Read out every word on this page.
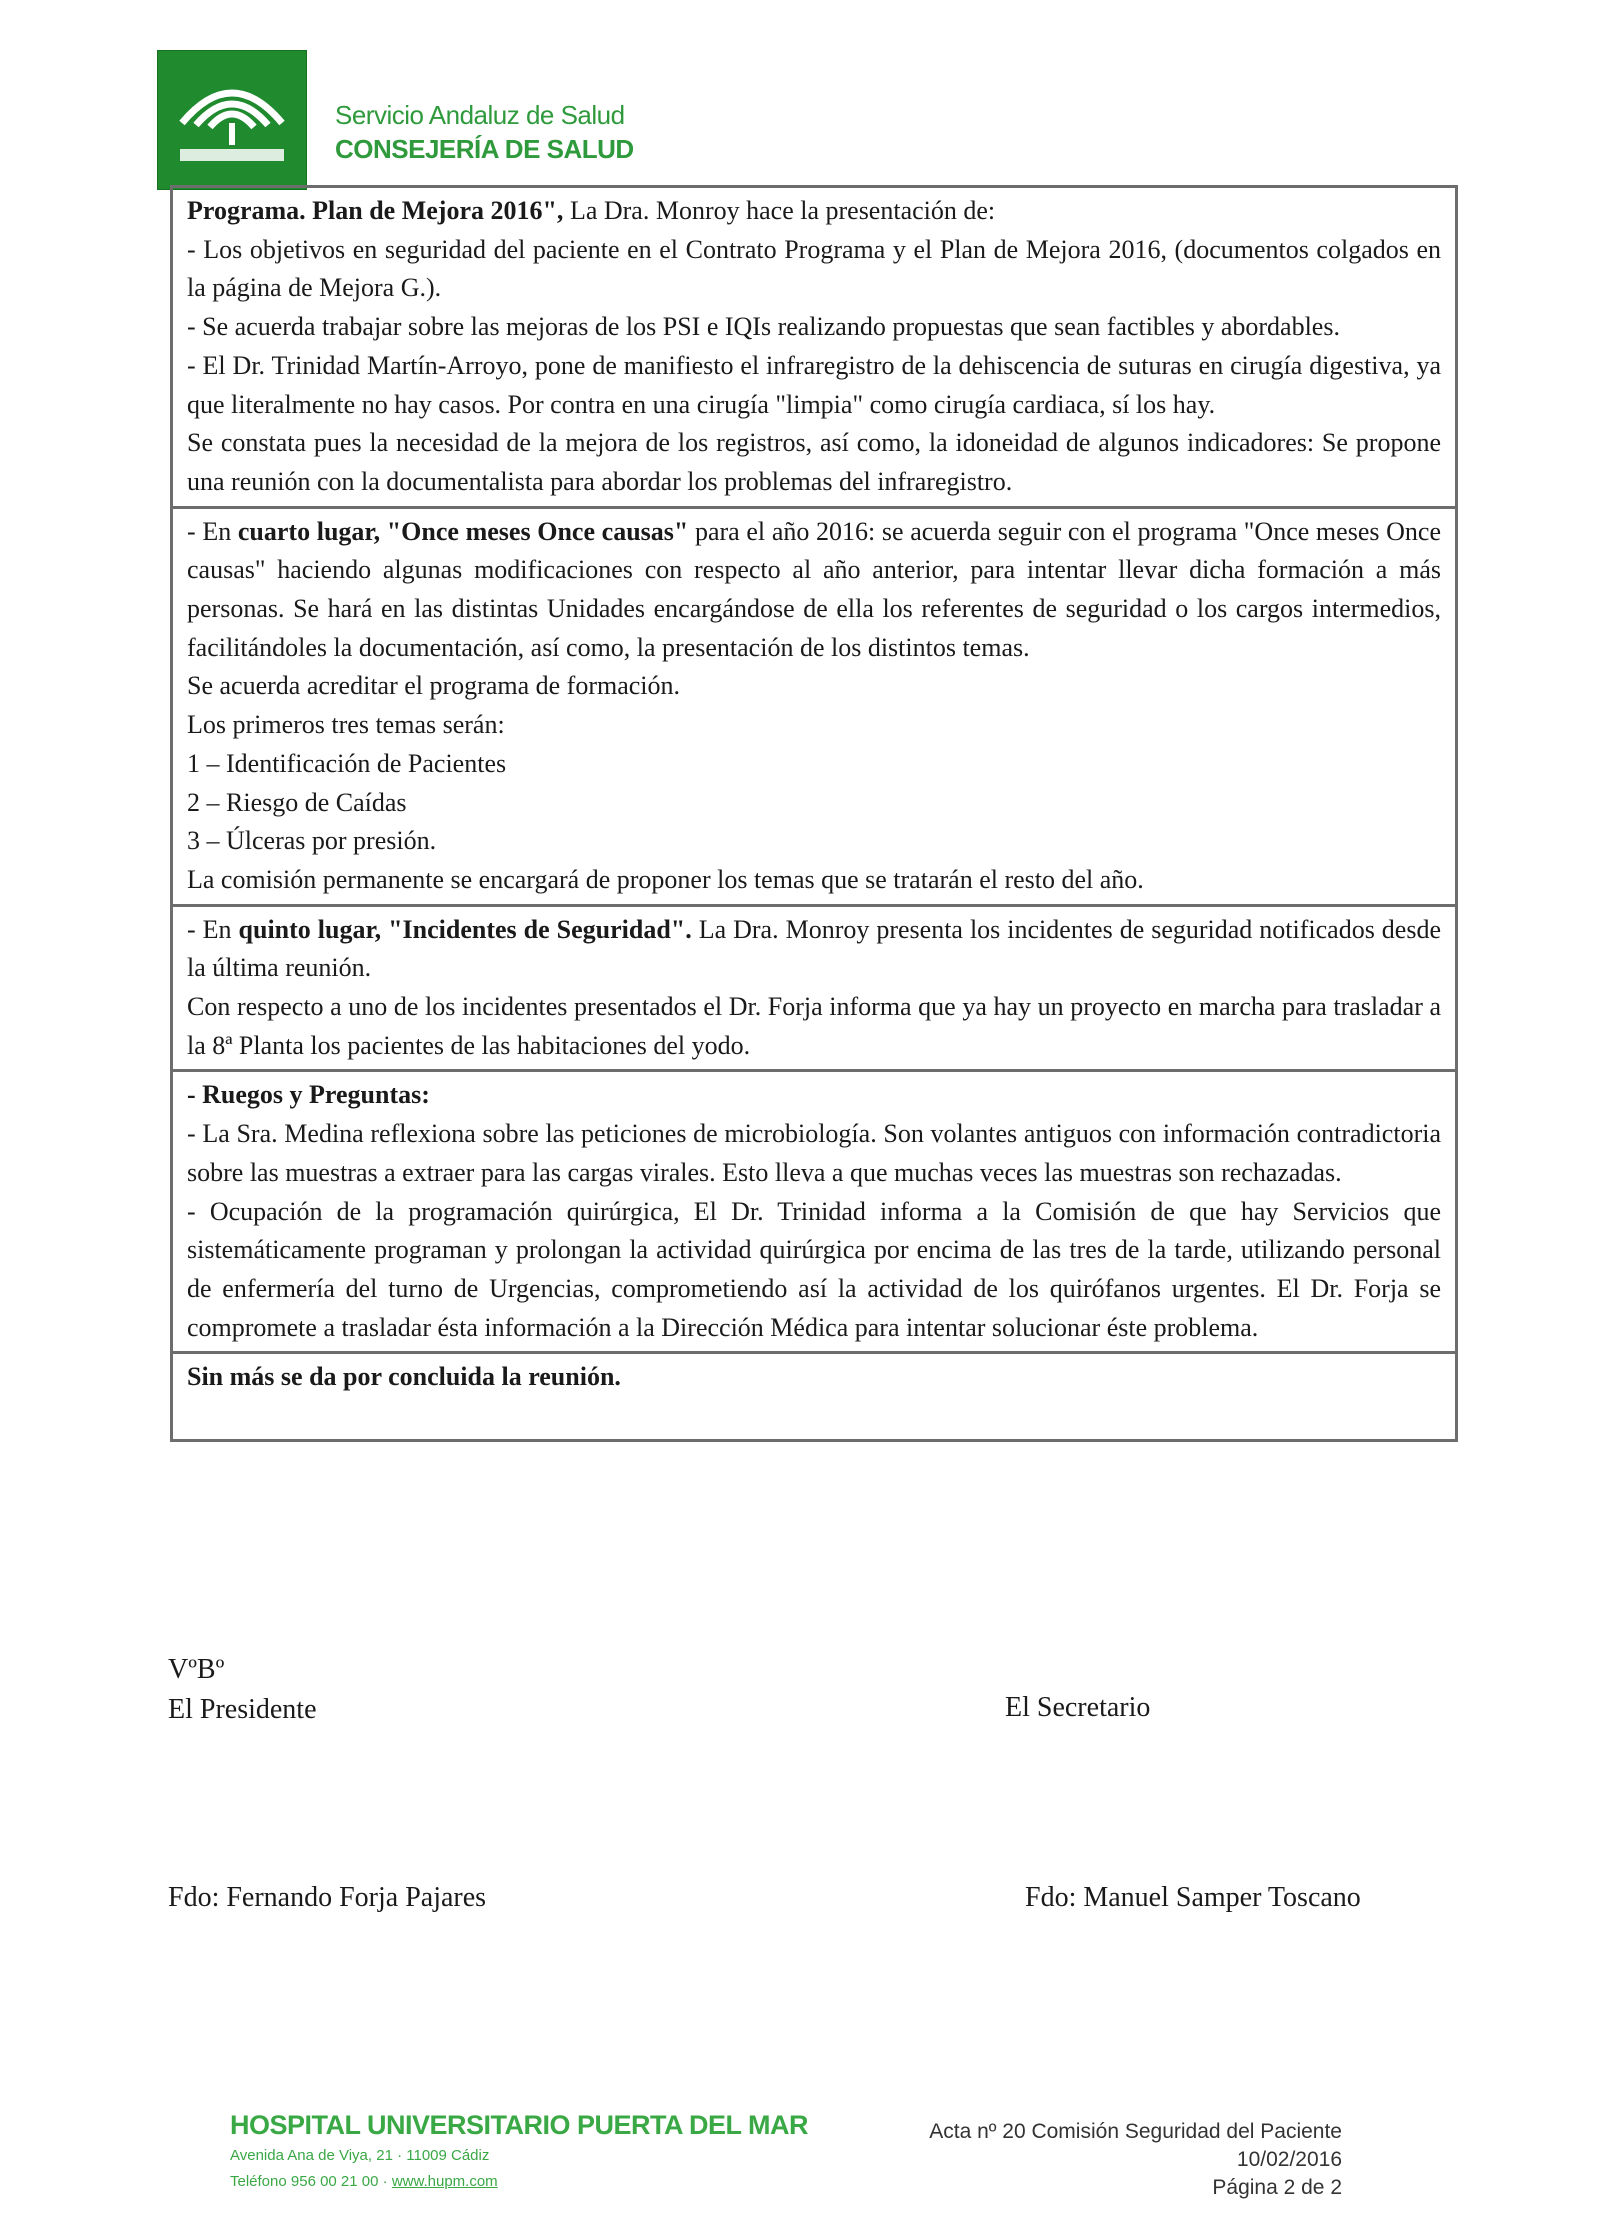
Servicio Andaluz de Salud
CONSEJERÍA DE SALUD

Programa. Plan de Mejora 2016", La Dra. Monroy hace la presentación de:

- Los objetivos en seguridad del paciente en el Contrato Programa y el Plan de Mejora 2016, (documentos colgados en la página de Mejora G.).

- Se acuerda trabajar sobre las mejoras de los PSI e IQIs realizando propuestas que sean factibles y abordables.

- El Dr. Trinidad Martín-Arroyo, pone de manifiesto el infraregistro de la dehiscencia de suturas en cirugía digestiva, ya que literalmente no hay casos. Por contra en una cirugía "limpia" como cirugía cardiaca, sí los hay.

Se constata pues la necesidad de la mejora de los registros, así como, la idoneidad de algunos indicadores: Se propone una reunión con la documentalista para abordar los problemas del infraregistro.

- En cuarto lugar, "Once meses Once causas" para el año 2016: se acuerda seguir con el programa "Once meses Once causas" haciendo algunas modificaciones con respecto al año anterior, para intentar llevar dicha formación a más personas. Se hará en las distintas Unidades encargándose de ella los referentes de seguridad o los cargos intermedios, facilitándoles la documentación, así como, la presentación de los distintos temas.

Se acuerda acreditar el programa de formación.

Los primeros tres temas serán:

1 – Identificación de Pacientes

2 – Riesgo de Caídas

3 – Úlceras por presión.

La comisión permanente se encargará de proponer los temas que se tratarán el resto del año.

- En quinto lugar, "Incidentes de Seguridad". La Dra. Monroy presenta los incidentes de seguridad notificados desde la última reunión.

Con respecto a uno de los incidentes presentados el Dr. Forja informa que ya hay un proyecto en marcha para trasladar a la 8ª Planta los pacientes de las habitaciones del yodo.

- Ruegos y Preguntas:

- La Sra. Medina reflexiona sobre las peticiones de microbiología. Son volantes antiguos con información contradictoria sobre las muestras a extraer para las cargas virales. Esto lleva a que muchas veces las muestras son rechazadas.

- Ocupación de la programación quirúrgica, El Dr. Trinidad informa a la Comisión de que hay Servicios que sistemáticamente programan y prolongan la actividad quirúrgica por encima de las tres de la tarde, utilizando personal de enfermería del turno de Urgencias, comprometiendo así la actividad de los quirófanos urgentes. El Dr. Forja se compromete a trasladar ésta información a la Dirección Médica para intentar solucionar éste problema.

Sin más se da por concluida la reunión.

VºBº
El Presidente	El Secretario
Fdo: Fernando Forja Pajares	Fdo: Manuel Samper Toscano
HOSPITAL UNIVERSITARIO PUERTA DEL MAR
Avenida Ana de Viya, 21 · 11009 Cádiz
Teléfono 956 00 21 00 · www.hupm.com
Acta nº 20 Comisión Seguridad del Paciente
10/02/2016
Página 2 de 2
